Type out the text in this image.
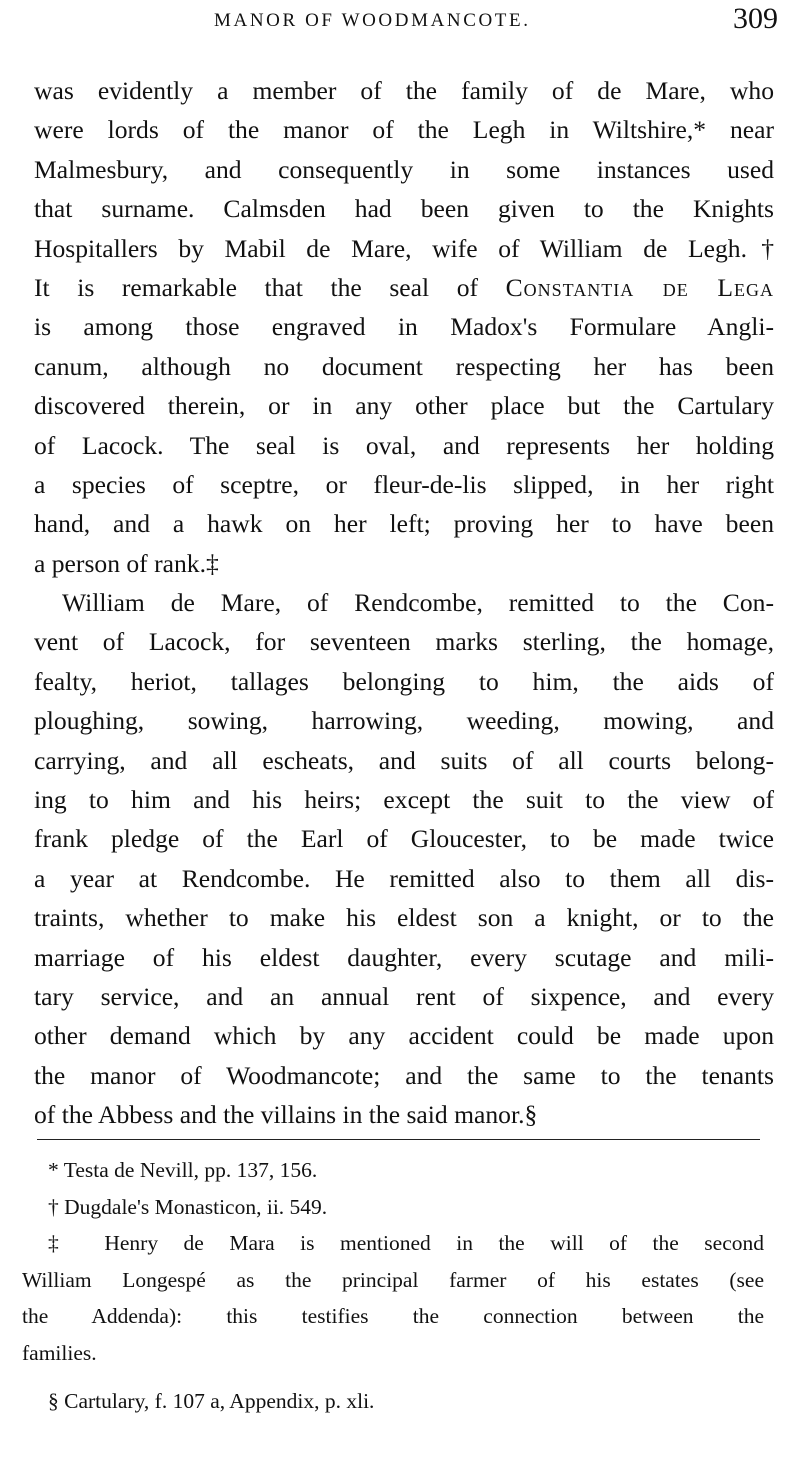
MANOR OF WOODMANCOTE.	309
was evidently a member of the family of de Mare, who
were lords of the manor of the Legh in Wiltshire,* near
Malmesbury, and consequently in some instances used
that surname. Calmsden had been given to the Knights
Hospitallers by Mabil de Mare, wife of William de Legh.†
It is remarkable that the seal of Constantia de Lega
is among those engraved in Madox's Formulare Angli-
canum, although no document respecting her has been
discovered therein, or in any other place but the Cartulary
of Lacock. The seal is oval, and represents her holding
a species of sceptre, or fleur-de-lis slipped, in her right
hand, and a hawk on her left; proving her to have been
a person of rank.‡
William de Mare, of Rendcombe, remitted to the Con-
vent of Lacock, for seventeen marks sterling, the homage,
fealty, heriot, tallages belonging to him, the aids of
ploughing, sowing, harrowing, weeding, mowing, and
carrying, and all escheats, and suits of all courts belong-
ing to him and his heirs; except the suit to the view of
frank pledge of the Earl of Gloucester, to be made twice
a year at Rendcombe. He remitted also to them all dis-
traints, whether to make his eldest son a knight, or to the
marriage of his eldest daughter, every scutage and mili-
tary service, and an annual rent of sixpence, and every
other demand which by any accident could be made upon
the manor of Woodmancote; and the same to the tenants
of the Abbess and the villains in the said manor.§
* Testa de Nevill, pp. 137, 156.
† Dugdale's Monasticon, ii. 549.
‡ Henry de Mara is mentioned in the will of the second
William Longespé as the principal farmer of his estates (see
the Addenda): this testifies the connection between the
families.
§ Cartulary, f. 107 a, Appendix, p. xli.
